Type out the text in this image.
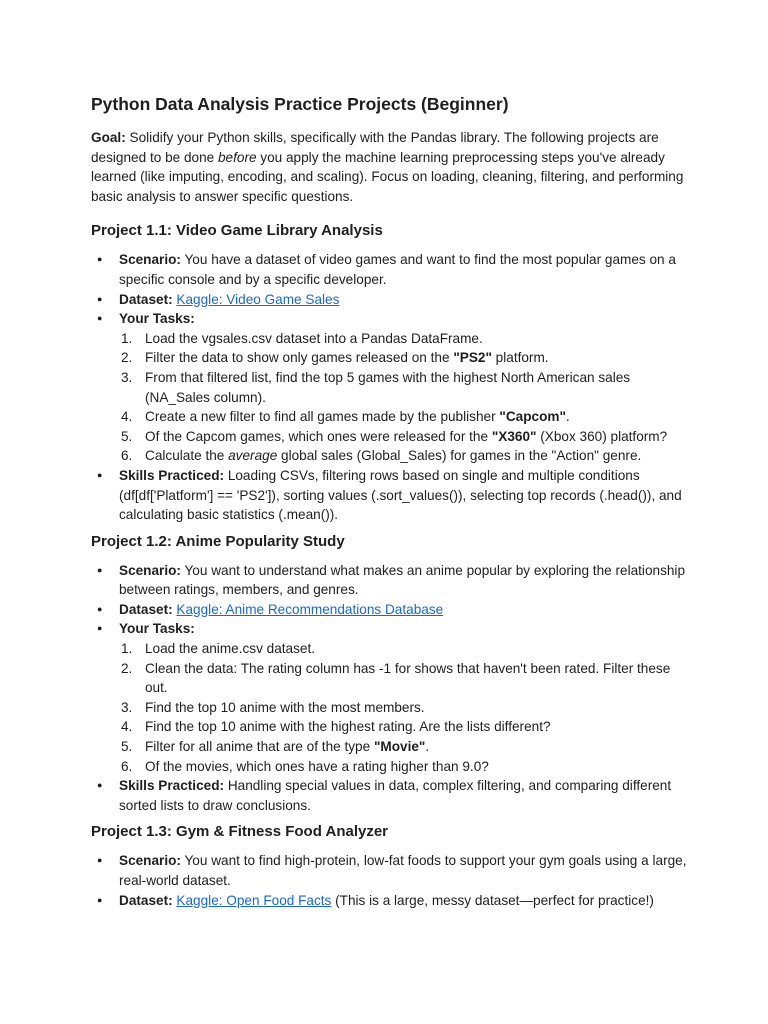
Python Data Analysis Practice Projects (Beginner)

Goal: Solidify your Python skills, specifically with the Pandas library. The following projects are designed to be done before you apply the machine learning preprocessing steps you've already learned (like imputing, encoding, and scaling). Focus on loading, cleaning, filtering, and performing basic analysis to answer specific questions.

Project 1.1: Video Game Library Analysis
● Scenario: You have a dataset of video games and want to find the most popular games on a specific console and by a specific developer.
● Dataset: Kaggle: Video Game Sales
● Your Tasks:
1. Load the vgsales.csv dataset into a Pandas DataFrame.
2. Filter the data to show only games released on the "PS2" platform.
3. From that filtered list, find the top 5 games with the highest North American sales (NA_Sales column).
4. Create a new filter to find all games made by the publisher "Capcom".
5. Of the Capcom games, which ones were released for the "X360" (Xbox 360) platform?
6. Calculate the average global sales (Global_Sales) for games in the "Action" genre.
● Skills Practiced: Loading CSVs, filtering rows based on single and multiple conditions (df[df['Platform'] == 'PS2']), sorting values (.sort_values()), selecting top records (.head()), and calculating basic statistics (.mean()).
Project 1.2: Anime Popularity Study
● Scenario: You want to understand what makes an anime popular by exploring the relationship between ratings, members, and genres.
● Dataset: Kaggle: Anime Recommendations Database
● Your Tasks:
1. Load the anime.csv dataset.
2. Clean the data: The rating column has -1 for shows that haven't been rated. Filter these out.
3. Find the top 10 anime with the most members.
4. Find the top 10 anime with the highest rating. Are the lists different?
5. Filter for all anime that are of the type "Movie".
6. Of the movies, which ones have a rating higher than 9.0?
● Skills Practiced: Handling special values in data, complex filtering, and comparing different sorted lists to draw conclusions.
Project 1.3: Gym & Fitness Food Analyzer
● Scenario: You want to find high-protein, low-fat foods to support your gym goals using a large, real-world dataset.
● Dataset: Kaggle: Open Food Facts (This is a large, messy dataset—perfect for practice!)
